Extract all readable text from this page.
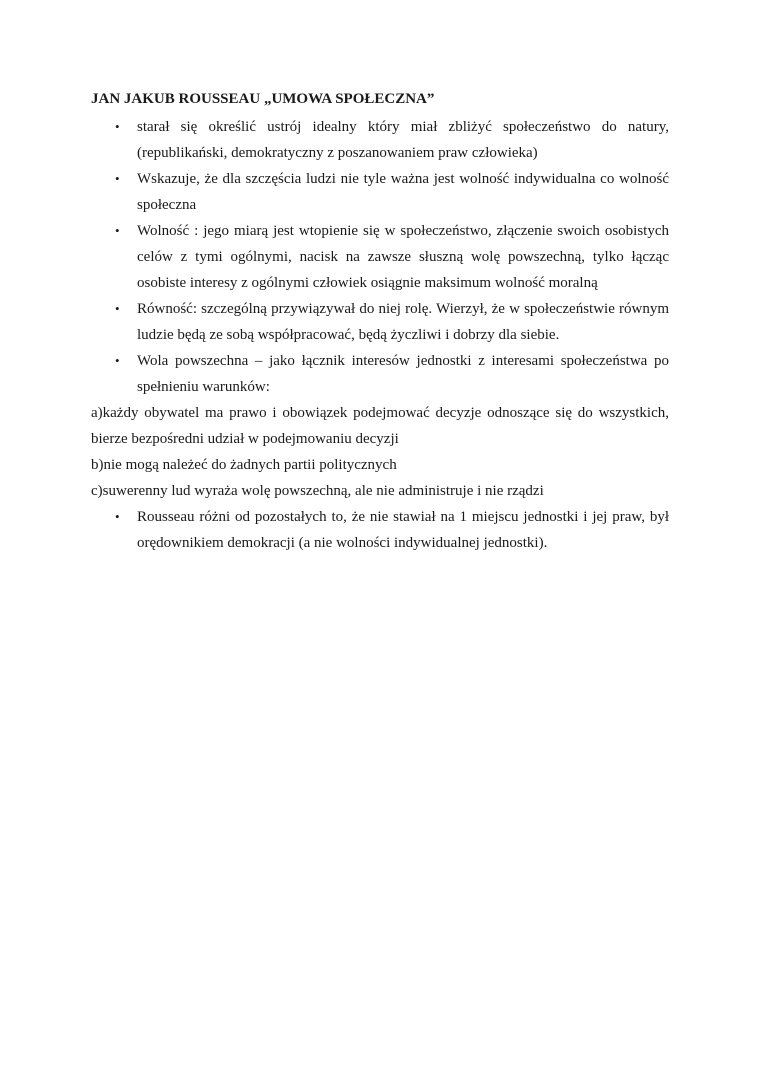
JAN JAKUB ROUSSEAU „UMOWA SPOŁECZNA”
• starał się określić ustrój idealny który miał zbliżyć społeczeństwo do natury, (republikański, demokratyczny z poszanowaniem praw człowieka)
• Wskazuje, że dla szczęścia ludzi nie tyle ważna jest wolność indywidualna co wolność społeczna
• Wolność : jego miarą jest wtopienie się w społeczeństwo, złączenie swoich osobistych celów z tymi ogólnymi, nacisk na zawsze słuszną wolę powszechną, tylko łącząc osobiste interesy z ogólnymi człowiek osiągnie maksimum wolność moralną
• Równość: szczególną przywiązywał do niej rolę. Wierzył, że w społeczeństwie równym ludzie będą ze sobą współpracować, będą życzliwi i dobrzy dla siebie.
• Wola powszechna – jako łącznik interesów jednostki z interesami społeczeństwa po spełnieniu warunków:

a)każdy obywatel ma prawo i obowiązek podejmować decyzje odnoszące się do wszystkich, bierze bezpośredni udział w podejmowaniu decyzji

b)nie mogą należeć do żadnych partii politycznych

c)suwerenny lud wyraża wolę powszechną, ale nie administruje i nie rządzi

• Rousseau różni od pozostałych to, że nie stawiał na 1 miejscu jednostki i jej praw, był orędownikiem demokracji (a nie wolności indywidualnej jednostki).
